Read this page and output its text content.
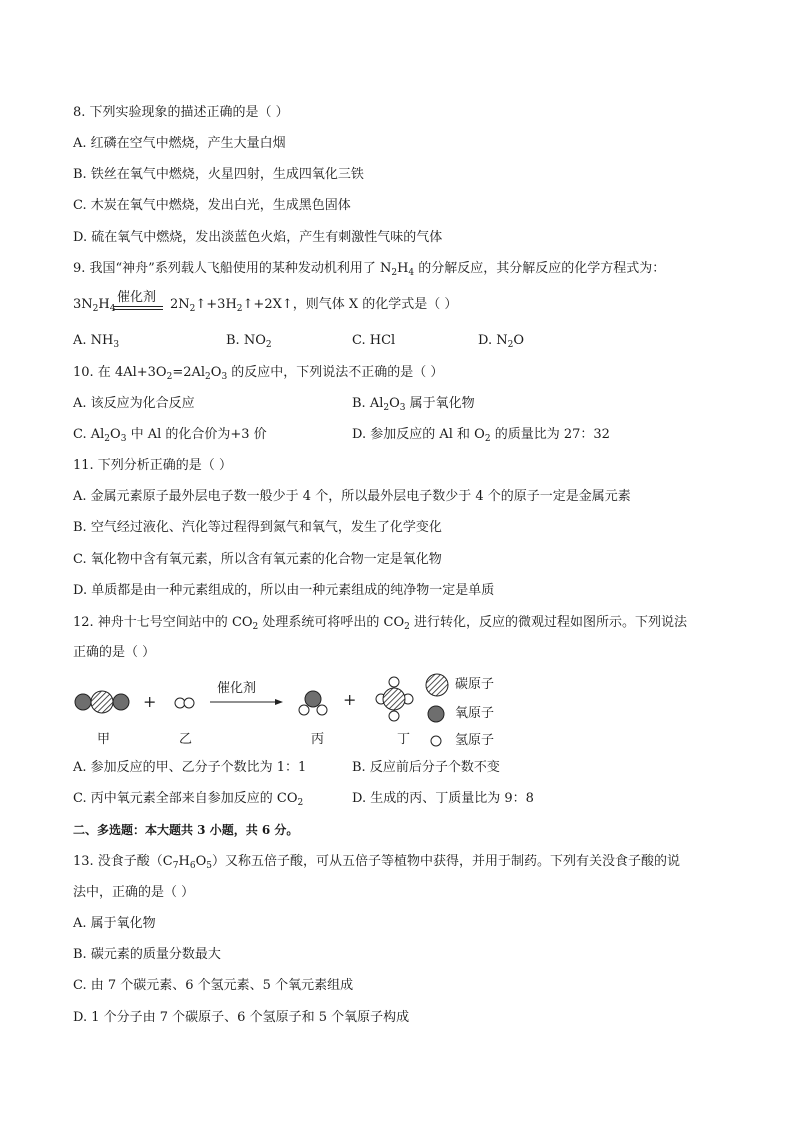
8. 下列实验现象的描述正确的是（ ）
A. 红磷在空气中燃烧，产生大量白烟
B. 铁丝在氧气中燃烧，火星四射，生成四氧化三铁
C. 木炭在氧气中燃烧，发出白光，生成黑色固体
D. 硫在氧气中燃烧，发出淡蓝色火焰，产生有刺激性气味的气体
9. 我国“神舟”系列载人飞船使用的某种发动机利用了 $N_2H_4$ 的分解反应，其分解反应的化学方程式为：
$3N_2H_4$
催化剂 $2N_2↑+3H_2↑+2X↑$，则气体 X 的化学式是（ ）
A. $NH_3$	B. $NO_2$	C. HCl	D. $N_2O$
10. 在 $4Al+3O_2=2Al_2O_3$ 的反应中，下列说法不正确的是（ ）
A. 该反应为化合反应	B. $Al_2O_3$ 属于氧化物
C. $Al_2O_3$ 中 Al 的化合价为+3 价	D. 参加反应的 Al 和 $O_2$ 的质量比为 27：32
11. 下列分析正确的是（ ）
A. 金属元素原子最外层电子数一般少于 4 个，所以最外层电子数少于 4 个的原子一定是金属元素
B. 空气经过液化、汽化等过程得到氮气和氧气，发生了化学变化
C. 氧化物中含有氧元素，所以含有氧元素的化合物一定是氧化物
D. 单质都是由一种元素组成的，所以由一种元素组成的纯净物一定是单质
12. 神舟十七号空间站中的 $CO_2$ 处理系统可将呼出的 $CO_2$ 进行转化，反应的微观过程如图所示。下列说法
正确的是（ ）
催化剂
+	+
甲	乙	丙	丁
碳原子
氧原子
氢原子
A. 参加反应的甲、乙分子个数比为 1：1	B. 反应前后分子个数不变
C. 丙中氧元素全部来自参加反应的 $CO_2$	D. 生成的丙、丁质量比为 9：8
二、多选题：本大题共 3 小题，共 6 分。
13. 没食子酸$(C_7H_6O_5)$又称五倍子酸，可从五倍子等植物中获得，并用于制药。下列有关没食子酸的说
法中，正确的是（ ）
A. 属于氧化物
B. 碳元素的质量分数最大
C. 由 7 个碳元素、6 个氢元素、5 个氧元素组成
D. 1 个分子由 7 个碳原子、6 个氢原子和 5 个氧原子构成
